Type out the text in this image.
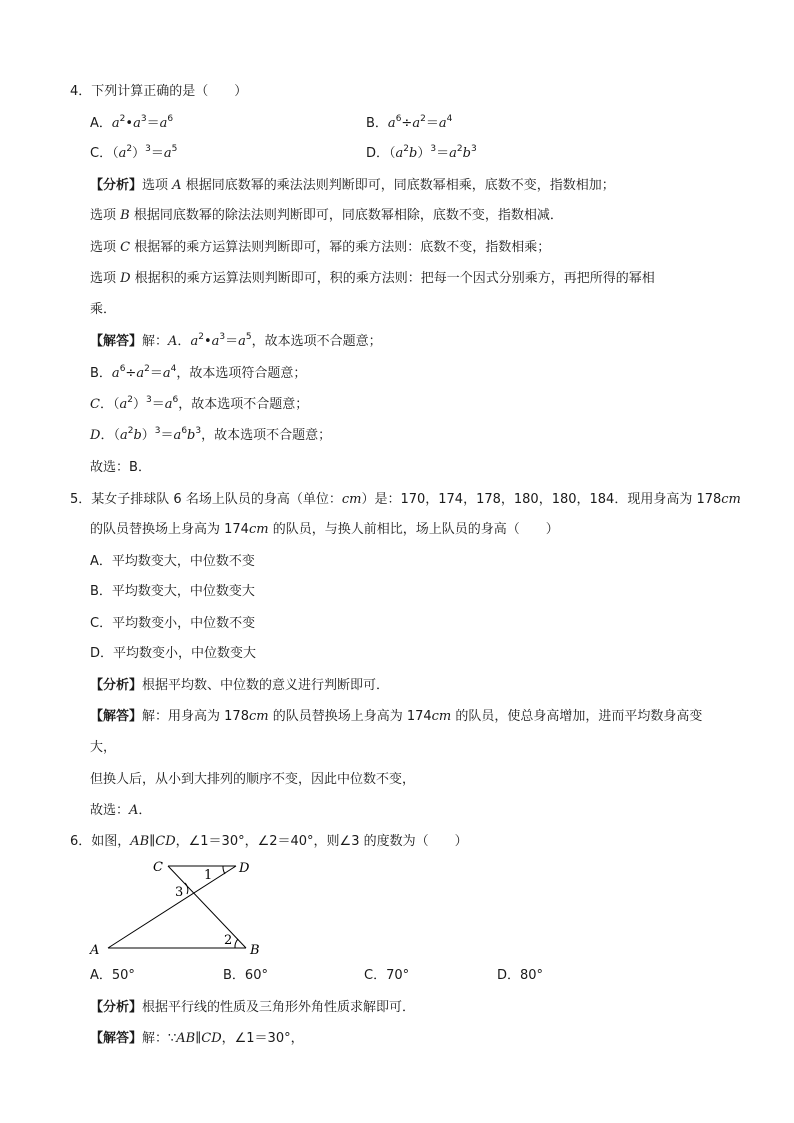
4．下列计算正确的是（　　）
A．$a^2•a^3=a^6$	B．$a^6\div a^2=a^4$
C．$(a^2)^3=a^5$	D．$(a^2b)^3=a^2b^3$
【分析】选项 A 根据同底数幂的乘法法则判断即可，同底数幂相乘，底数不变，指数相加；
选项 B 根据同底数幂的除法法则判断即可，同底数幂相除，底数不变，指数相减．
选项 C 根据幂的乘方运算法则判断即可，幂的乘方法则：底数不变，指数相乘；
选项 D 根据积的乘方运算法则判断即可，积的乘方法则：把每一个因式分别乘方，再把所得的幂相
乘．
【解答】解：A．$a^2•a^3=a^5$，故本选项不合题意；
B．$a^6\div a^2=a^4$，故本选项符合题意；
C．$(a^2)^3=a^6$，故本选项不合题意；
D．$(a^2b)^3=a^6b^3$，故本选项不合题意；
故选：B．
5．某女子排球队 6 名场上队员的身高（单位：cm）是：170，174，178，180，180，184．现用身高为 178cm
的队员替换场上身高为 174cm 的队员，与换人前相比，场上队员的身高（　　）
A．平均数变大，中位数不变
B．平均数变大，中位数变大
C．平均数变小，中位数不变
D．平均数变小，中位数变大
【分析】根据平均数、中位数的意义进行判断即可．
【解答】解：用身高为 178cm 的队员替换场上身高为 174cm 的队员，使总身高增加，进而平均数身高变
大，
但换人后，从小到大排列的顺序不变，因此中位数不变，
故选：A．
6．如图，AB∥CD，∠1＝30°，∠2＝40°，则∠3 的度数为（　　）
C	D
A	B
1
2
3
A．50°	B．60°	C．70°	D．80°
【分析】根据平行线的性质及三角形外角性质求解即可．
【解答】解：∵AB∥CD，∠1＝30°，
